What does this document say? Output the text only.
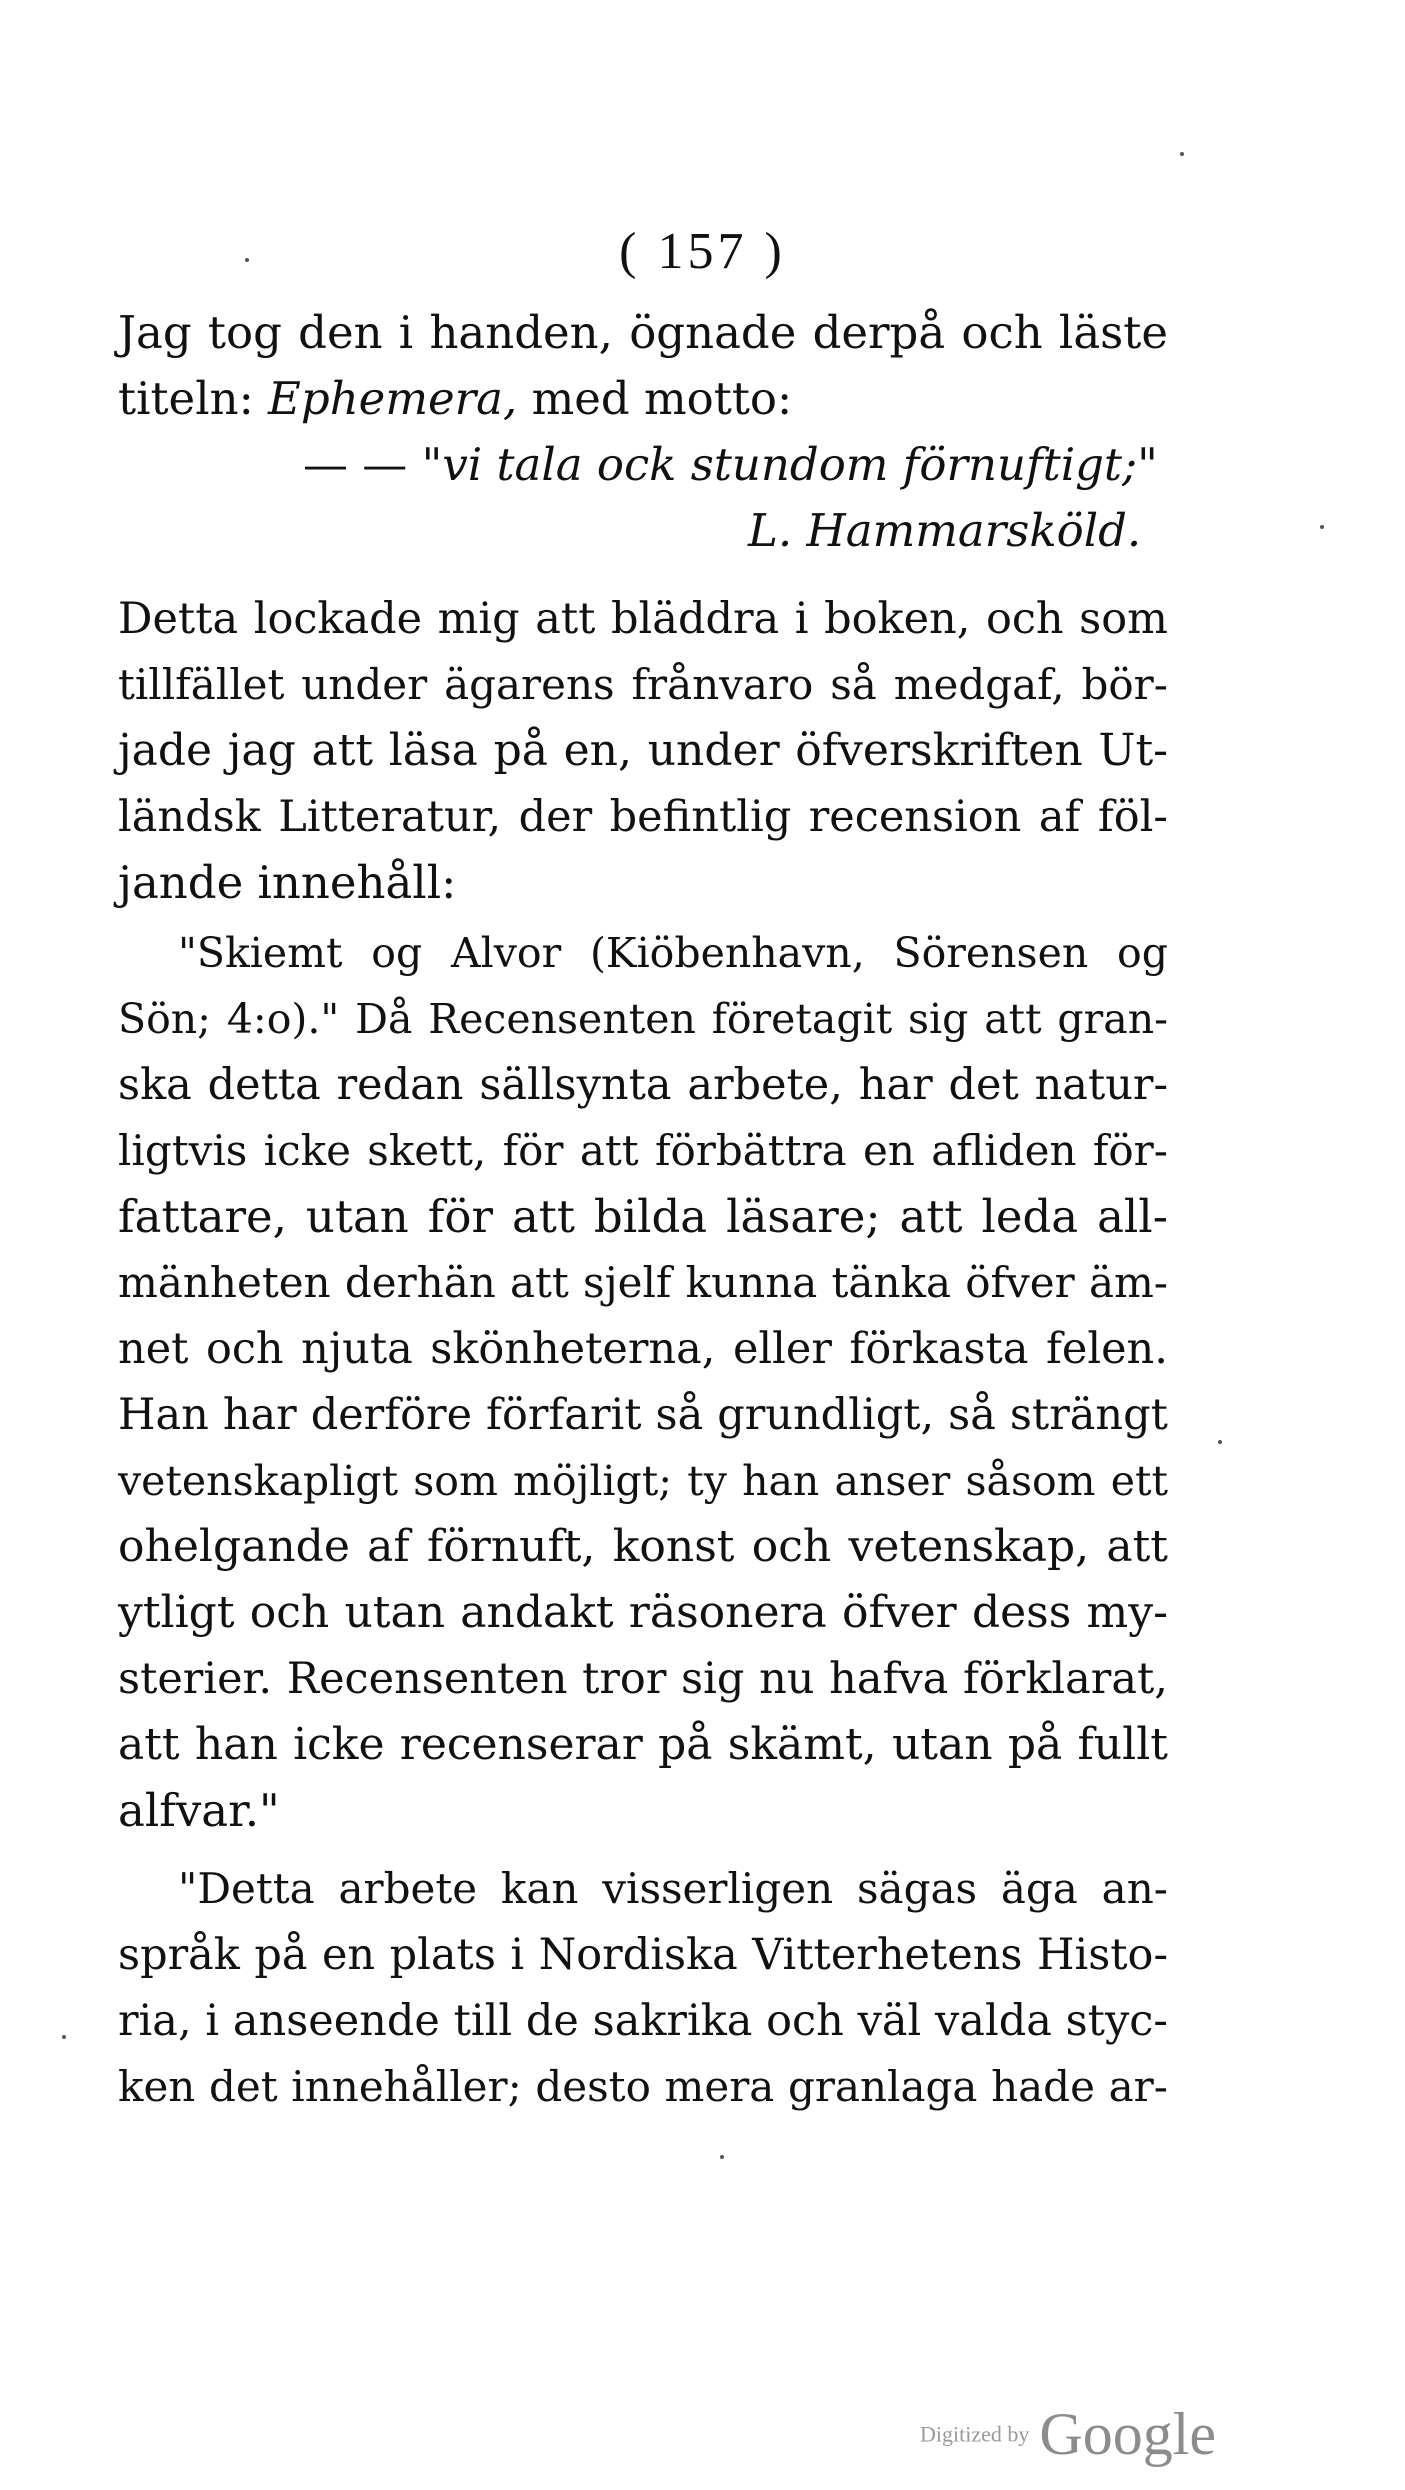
( 157 )
Jag tog den i handen, ögnade derpå och läste
titeln: Ephemera, med motto:
— — "vi tala ock stundom förnuftigt;"
L. Hammarsköld.
Detta lockade mig att bläddra i boken, och som
tillfället under ägarens frånvaro så medgaf, bör-
jade jag att läsa på en, under öfverskriften Ut-
ländsk Litteratur, der befintlig recension af föl-
jande innehåll:
"Skiemt og Alvor (Kiöbenhavn, Sörensen og
Sön; 4:o)." Då Recensenten företagit sig att gran-
ska detta redan sällsynta arbete, har det natur-
ligtvis icke skett, för att förbättra en afliden för-
fattare, utan för att bilda läsare; att leda all-
mänheten derhän att sjelf kunna tänka öfver äm-
net och njuta skönheterna, eller förkasta felen.
Han har derföre förfarit så grundligt, så strängt
vetenskapligt som möjligt; ty han anser såsom ett
ohelgande af förnuft, konst och vetenskap, att
ytligt och utan andakt räsonera öfver dess my-
sterier. Recensenten tror sig nu hafva förklarat,
att han icke recenserar på skämt, utan på fullt
alfvar."
"Detta arbete kan visserligen sägas äga an-
språk på en plats i Nordiska Vitterhetens Histo-
ria, i anseende till de sakrika och väl valda styc-
ken det innehåller; desto mera granlaga hade ar-
Digitized by Google
